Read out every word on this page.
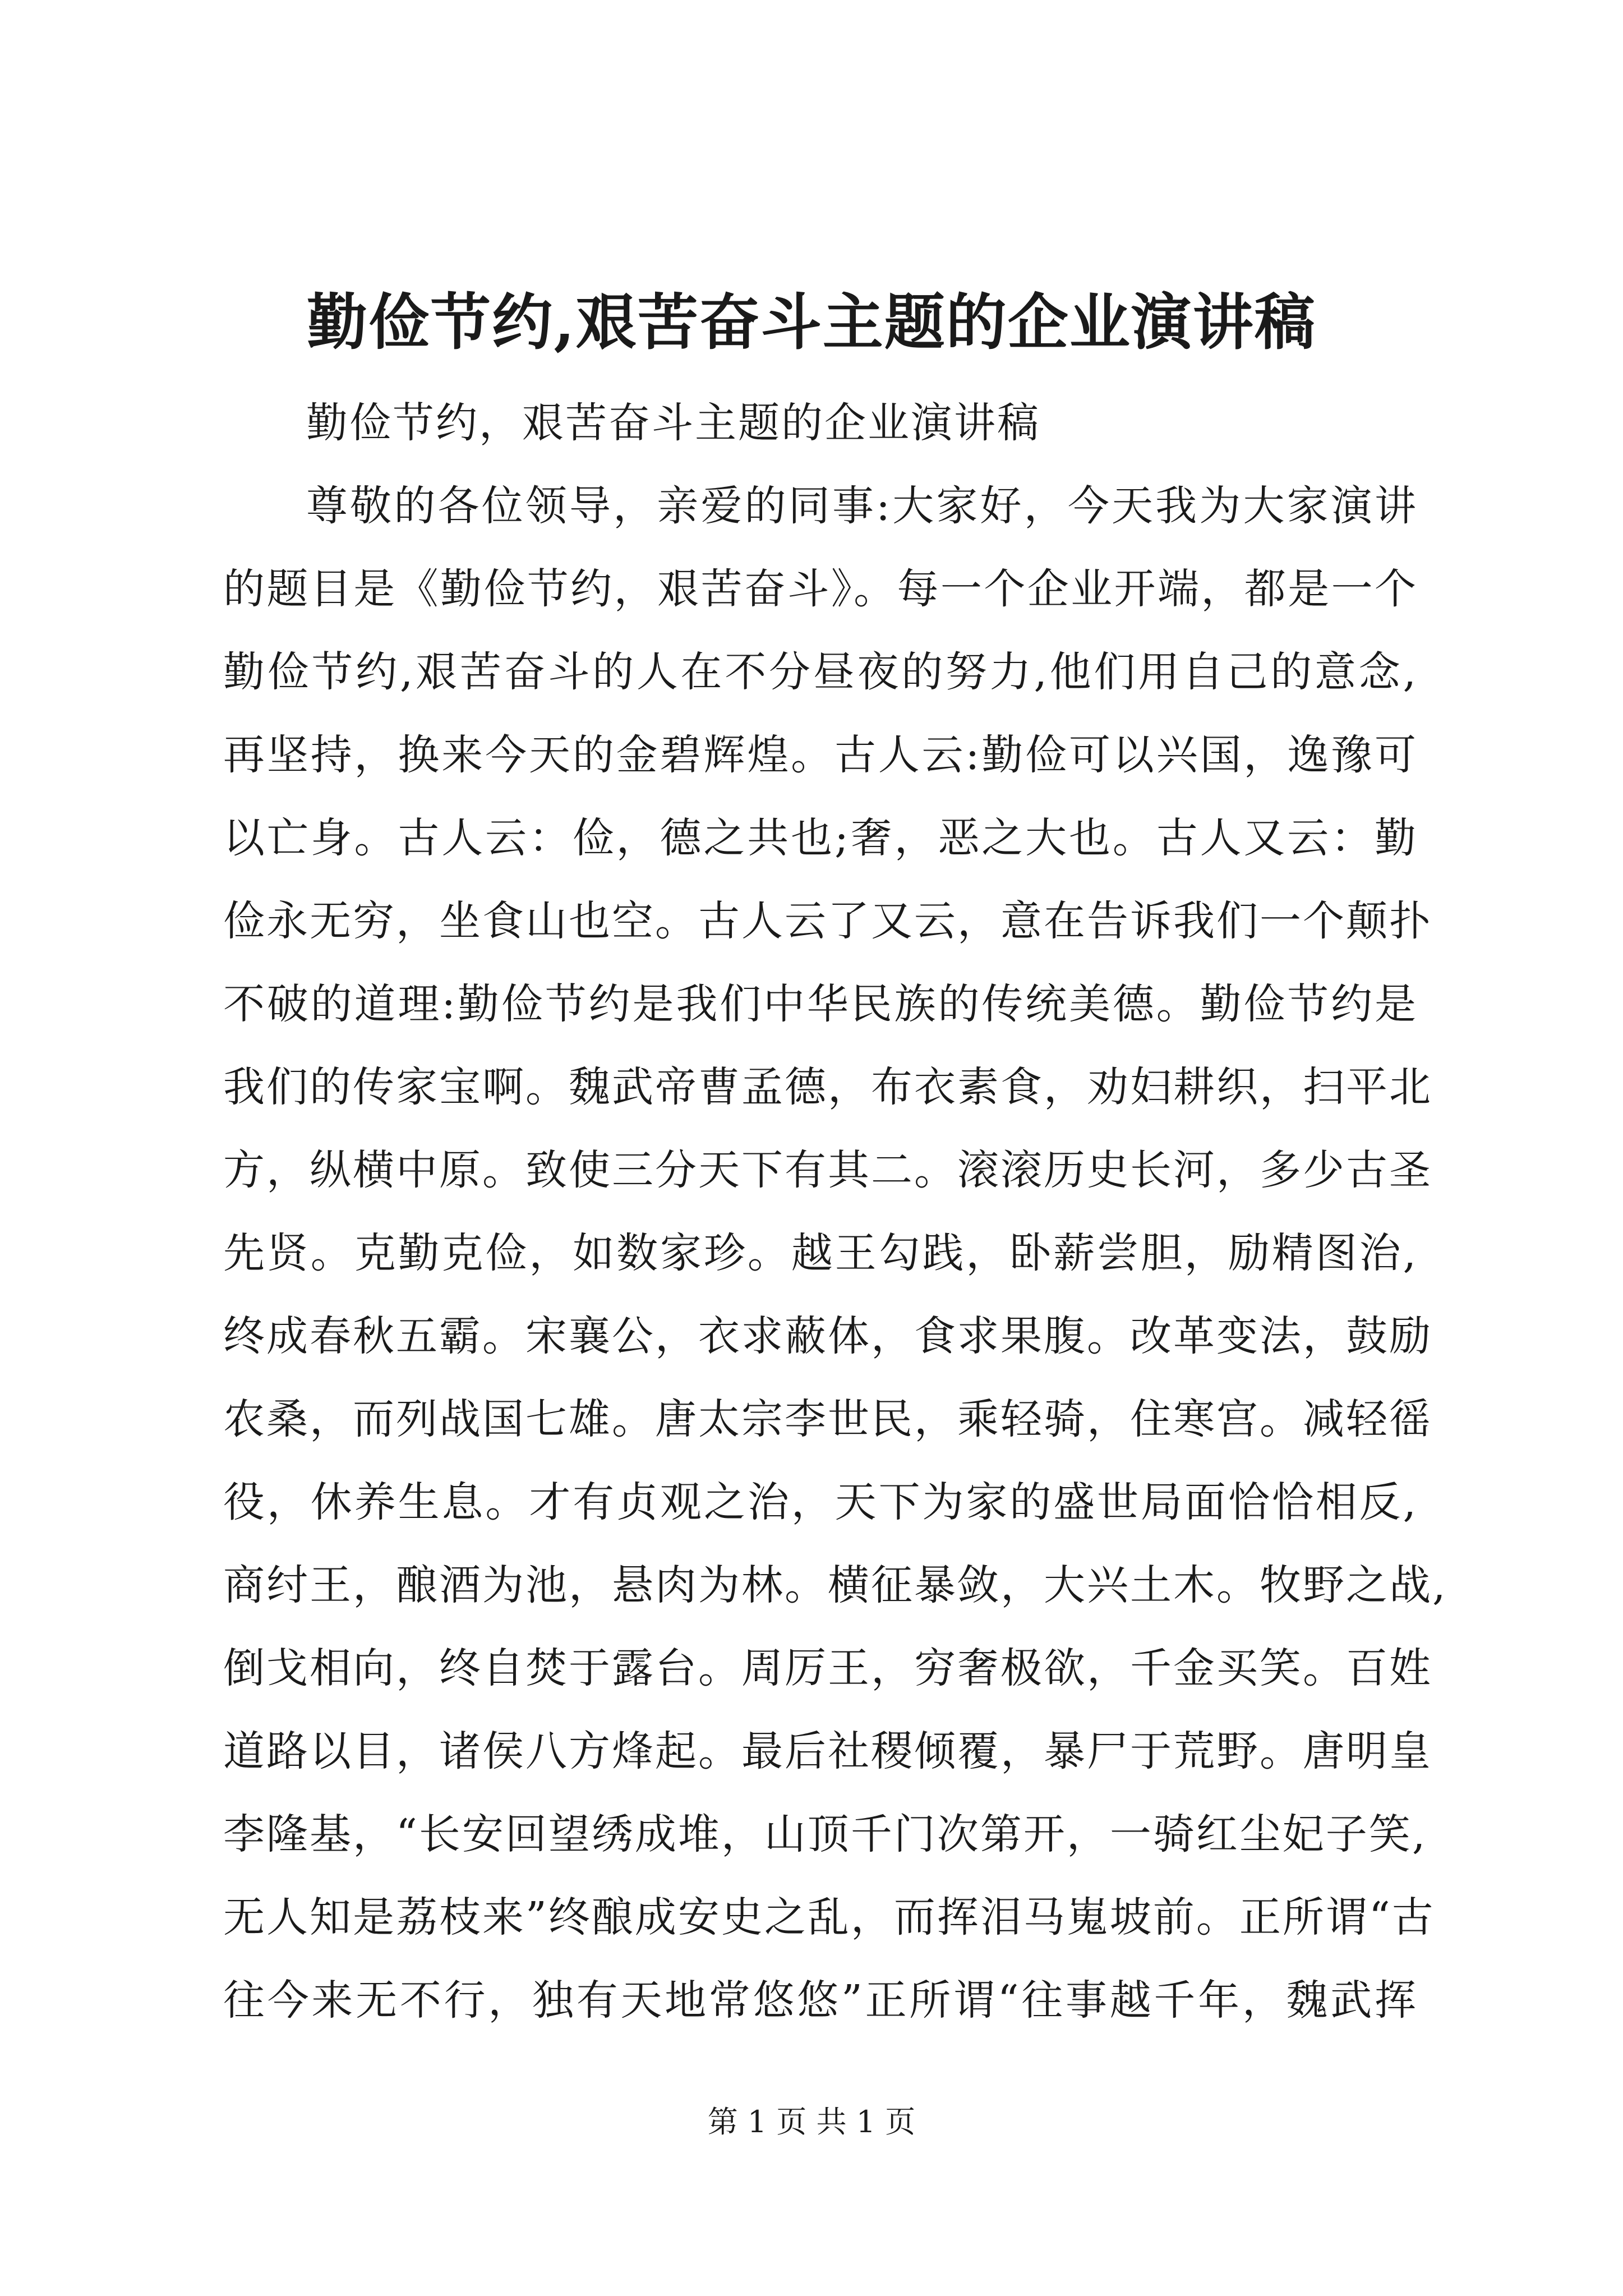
勤俭节约,艰苦奋斗主题的企业演讲稿
勤俭节约，艰苦奋斗主题的企业演讲稿
尊敬的各位领导，亲爱的同事:大家好，今天我为大家演讲
的题目是《勤俭节约，艰苦奋斗》。每一个企业开端，都是一个
勤俭节约,艰苦奋斗的人在不分昼夜的努力,他们用自己的意念,
再坚持，换来今天的金碧辉煌。古人云:勤俭可以兴国，逸豫可
以亡身。古人云：俭，德之共也;奢，恶之大也。古人又云：勤
俭永无穷，坐食山也空。古人云了又云，意在告诉我们一个颠扑
不破的道理:勤俭节约是我们中华民族的传统美德。勤俭节约是
我们的传家宝啊。魏武帝曹孟德，布衣素食，劝妇耕织，扫平北
方，纵横中原。致使三分天下有其二。滚滚历史长河，多少古圣
先贤。克勤克俭，如数家珍。越王勾践，卧薪尝胆，励精图治,
终成春秋五霸。宋襄公，衣求蔽体，食求果腹。改革变法，鼓励
农桑，而列战国七雄。唐太宗李世民，乘轻骑，住寒宫。减轻徭
役，休养生息。才有贞观之治，天下为家的盛世局面恰恰相反,
商纣王，酿酒为池，悬肉为林。横征暴敛，大兴土木。牧野之战,
倒戈相向，终自焚于露台。周厉王，穷奢极欲，千金买笑。百姓
道路以目，诸侯八方烽起。最后社稷倾覆，暴尸于荒野。唐明皇
李隆基，“长安回望绣成堆，山顶千门次第开，一骑红尘妃子笑,
无人知是荔枝来”终酿成安史之乱，而挥泪马嵬坡前。正所谓“古
往今来无不行，独有天地常悠悠”正所谓“往事越千年，魏武挥
第 1 页 共 1 页
